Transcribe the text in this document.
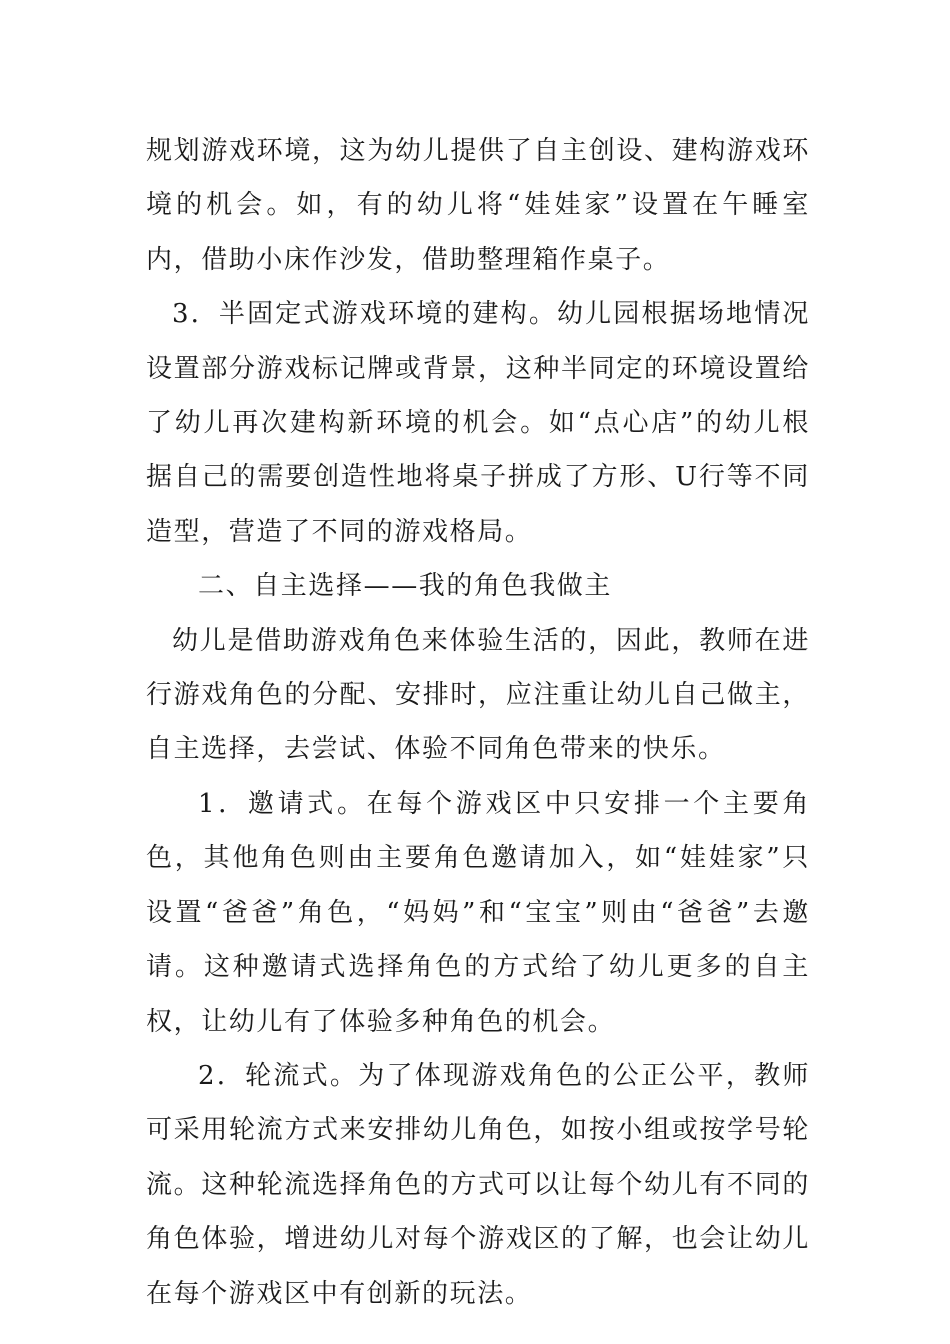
规划游戏环境，这为幼儿提供了自主创设、建构游戏环境的机会。如，有的幼儿将“娃娃家”设置在午睡室内，借助小床作沙发，借助整理箱作桌子。

3．半固定式游戏环境的建构。幼儿园根据场地情况设置部分游戏标记牌或背景，这种半同定的环境设置给了幼儿再次建构新环境的机会。如“点心店”的幼儿根据自己的需要创造性地将桌子拼成了方形、U行等不同造型，营造了不同的游戏格局。

二、自主选择——我的角色我做主

幼儿是借助游戏角色来体验生活的，因此，教师在进行游戏角色的分配、安排时，应注重让幼儿自己做主，自主选择，去尝试、体验不同角色带来的快乐。

1．邀请式。在每个游戏区中只安排一个主要角色，其他角色则由主要角色邀请加入，如“娃娃家”只设置“爸爸”角色，“妈妈”和“宝宝”则由“爸爸”去邀请。这种邀请式选择角色的方式给了幼儿更多的自主权，让幼儿有了体验多种角色的机会。

2．轮流式。为了体现游戏角色的公正公平，教师可采用轮流方式来安排幼儿角色，如按小组或按学号轮流。这种轮流选择角色的方式可以让每个幼儿有不同的角色体验，增进幼儿对每个游戏区的了解，也会让幼儿在每个游戏区中有创新的玩法。
